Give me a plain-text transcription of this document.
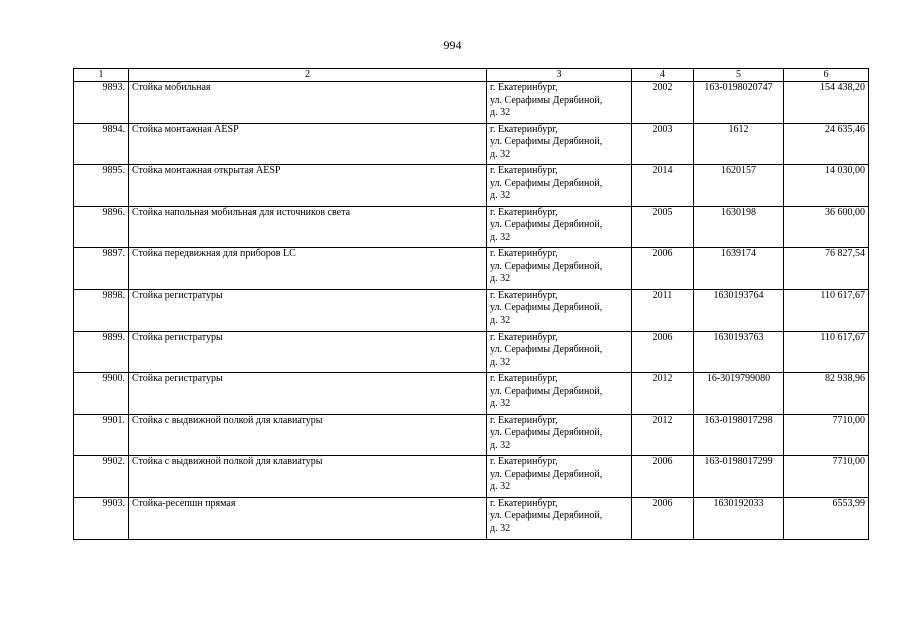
994
1	2	3	4	5	6
9893.	Стойка мобильная	г. Екатеринбург,
ул. Серафимы Дерябиной,
д. 32	2002	163-0198020747	154 438,20
9894.	Стойка монтажная AESP	г. Екатеринбург,
ул. Серафимы Дерябиной,
д. 32	2003	1612	24 635,46
9895.	Стойка монтажная открытая AESP	г. Екатеринбург,
ул. Серафимы Дерябиной,
д. 32	2014	1620157	14 030,00
9896.	Стойка напольная мобильная для источников света	г. Екатеринбург,
ул. Серафимы Дерябиной,
д. 32	2005	1630198	36 600,00
9897.	Стойка передвижная для приборов LC	г. Екатеринбург,
ул. Серафимы Дерябиной,
д. 32	2006	1639174	76 827,54
9898.	Стойка регистратуры	г. Екатеринбург,
ул. Серафимы Дерябиной,
д. 32	2011	1630193764	110 617,67
9899.	Стойка регистратуры	г. Екатеринбург,
ул. Серафимы Дерябиной,
д. 32	2006	1630193763	110 617,67
9900.	Стойка регистратуры	г. Екатеринбург,
ул. Серафимы Дерябиной,
д. 32	2012	16-3019799080	82 938,96
9901.	Стойка с выдвижной полкой для клавиатуры	г. Екатеринбург,
ул. Серафимы Дерябиной,
д. 32	2012	163-0198017298	7710,00
9902.	Стойка с выдвижной полкой для клавиатуры	г. Екатеринбург,
ул. Серафимы Дерябиной,
д. 32	2006	163-0198017299	7710,00
9903.	Стойка-ресепшн прямая	г. Екатеринбург,
ул. Серафимы Дерябиной,
д. 32	2006	1630192033	6553,99
